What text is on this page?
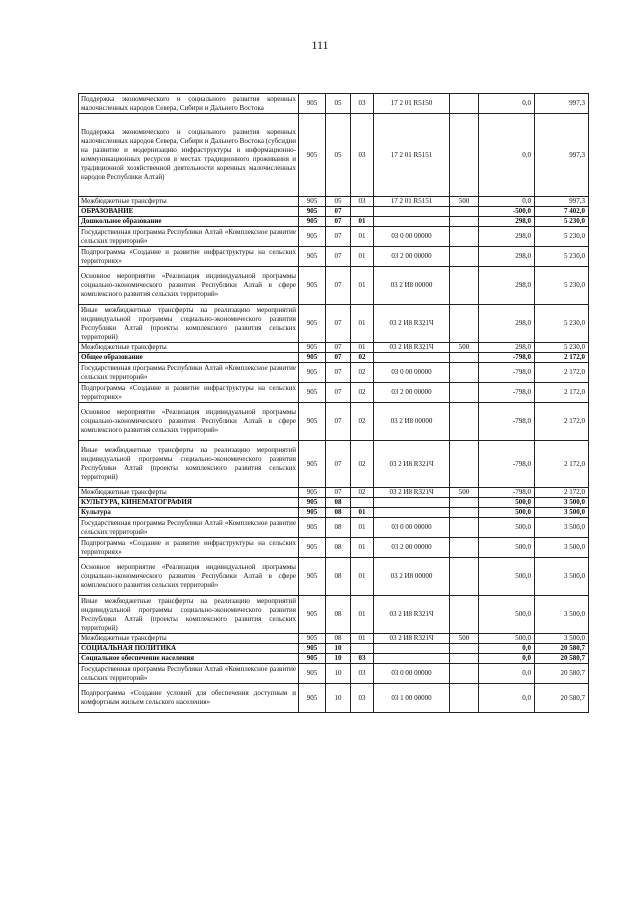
111
Поддержка экономического и социального развития коренных малочисленных народов Севера, Сибири и Дальнего Востока	905	05	03	17 2 01 R5150		0,0	997,3
Поддержка экономического и социального развития коренных малочисленных народов Севера, Сибири и Дальнего Востока (субсидии на развитие и модернизацию инфраструктуры и информационно-коммуникационных ресурсов в местах традиционного проживания и традиционной хозяйственной деятельности коренных малочисленных народов Республики Алтай)	905	05	03	17 2 01 R5151		0,0	997,3
Межбюджетные трансферты	905	05	03	17 2 01 R5151	500	0,0	997,3
ОБРАЗОВАНИЕ	905	07				-500,0	7 402,0
Дошкольное образование	905	07	01			298,0	5 230,0
Государственная программа Республики Алтай «Комплексное развитие сельских территорий»	905	07	01	03 0 00 00000		298,0	5 230,0
Подпрограмма «Создание и развитие инфраструктуры на сельских территориях»	905	07	01	03 2 00 00000		298,0	5 230,0
Основное мероприятие «Реализация индивидуальной программы социально-экономического развития Республики Алтай в сфере комплексного развития сельских территорий»	905	07	01	03 2 И8 00000		298,0	5 230,0
Иные межбюджетные трансферты на реализацию мероприятий индивидуальной программы социально-экономического развития Республики Алтай (проекты комплексного развития сельских территорий)	905	07	01	03 2 И8 R321Ч		298,0	5 230,0
Межбюджетные трансферты	905	07	01	03 2 И8 R321Ч	500	298,0	5 230,0
Общее образование	905	07	02			-798,0	2 172,0
Государственная программа Республики Алтай «Комплексное развитие сельских территорий»	905	07	02	03 0 00 00000		-798,0	2 172,0
Подпрограмма «Создание и развитие инфраструктуры на сельских территориях»	905	07	02	03 2 00 00000		-798,0	2 172,0
Основное мероприятие «Реализация индивидуальной программы социально-экономического развития Республики Алтай в сфере комплексного развития сельских территорий»	905	07	02	03 2 И8 00000		-798,0	2 172,0
Иные межбюджетные трансферты на реализацию мероприятий индивидуальной программы социально-экономического развития Республики Алтай (проекты комплексного развития сельских территорий)	905	07	02	03 2 И8 R321Ч		-798,0	2 172,0
Межбюджетные трансферты	905	07	02	03 2 И8 R321Ч	500	-798,0	2 172,0
КУЛЬТУРА, КИНЕМАТОГРАФИЯ	905	08				500,0	3 500,0
Культура	905	08	01			500,0	3 500,0
Государственная программа Республики Алтай «Комплексное развитие сельских территорий»	905	08	01	03 0 00 00000		500,0	3 500,0
Подпрограмма «Создание и развитие инфраструктуры на сельских территориях»	905	08	01	03 2 00 00000		500,0	3 500,0
Основное мероприятие «Реализация индивидуальной программы социально-экономического развития Республики Алтай в сфере комплексного развития сельских территорий»	905	08	01	03 2 И8 00000		500,0	3 500,0
Иные межбюджетные трансферты на реализацию мероприятий индивидуальной программы социально-экономического развития Республики Алтай (проекты комплексного развития сельских территорий)	905	08	01	03 2 И8 R321Ч		500,0	3 500,0
Межбюджетные трансферты	905	08	01	03 2 И8 R321Ч	500	500,0	3 500,0
СОЦИАЛЬНАЯ ПОЛИТИКА	905	10				0,0	20 580,7
Социальное обеспечение населения	905	10	03			0,0	20 580,7
Государственная программа Республики Алтай «Комплексное развитие сельских территорий»	905	10	03	03 0 00 00000		0,0	20 580,7
Подпрограмма «Создание условий для обеспечения доступным и комфортным жильем сельского населения»	905	10	03	03 1 00 00000		0,0	20 580,7
